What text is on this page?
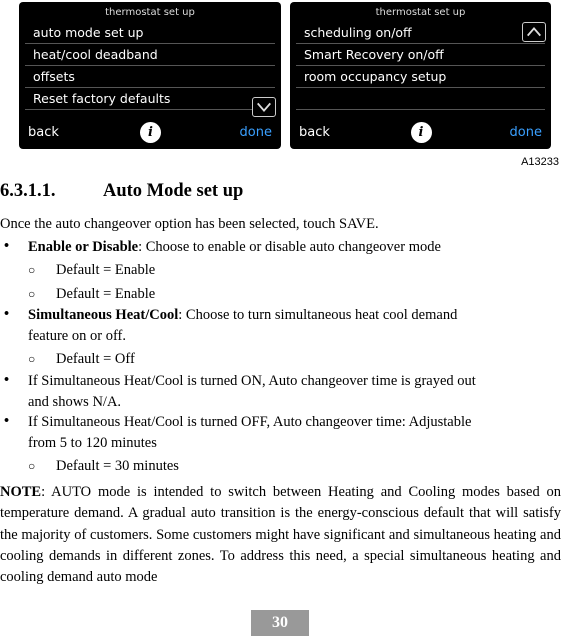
thermostat set up
auto mode set up
heat/cool deadband
offsets
Reset factory defaults
back	i	done
thermostat set up
scheduling on/off
Smart Recovery on/off
room occupancy setup

back	i	done
A13233
6.3.1.1.	Auto Mode set up
Once the auto changeover option has been selected, touch SAVE.
• Enable or Disable: Choose to enable or disable auto changeover mode
○ Default = Enable
○ Default = Enable
• Simultaneous Heat/Cool: Choose to turn simultaneous heat cool demand
feature on or off.
○ Default = Off
• If Simultaneous Heat/Cool is turned ON, Auto changeover time is grayed out
and shows N/A.
• If Simultaneous Heat/Cool is turned OFF, Auto changeover time: Adjustable
from 5 to 120 minutes
○ Default = 30 minutes
NOTE: AUTO mode is intended to switch between Heating and Cooling modes based on temperature demand. A gradual auto transition is the energy-conscious default that will satisfy the majority of customers. Some customers might have significant and simultaneous heating and cooling demands in different zones. To address this need, a special simultaneous heating and cooling demand auto mode
30
